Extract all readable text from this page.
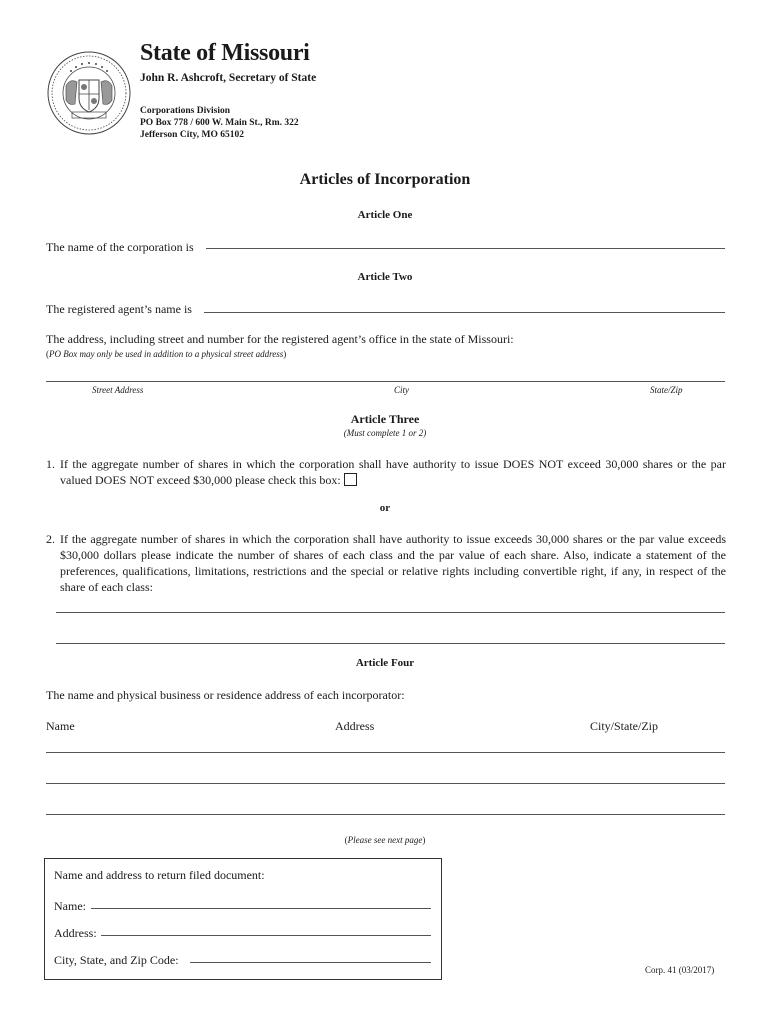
State of Missouri
John R. Ashcroft, Secretary of State
Corporations Division
PO Box 778 / 600 W. Main St., Rm. 322
Jefferson City, MO 65102
Articles of Incorporation
Article One
The name of the corporation is
Article Two
The registered agent’s name is
The address, including street and number for the registered agent’s office in the state of Missouri:
(PO Box may only be used in addition to a physical street address)
Street Address	City	State/Zip
Article Three
(Must complete 1 or 2)
1. If the aggregate number of shares in which the corporation shall have authority to issue DOES NOT exceed 30,000 shares or the par valued DOES NOT exceed $30,000 please check this box:
or
2. If the aggregate number of shares in which the corporation shall have authority to issue exceeds 30,000 shares or the par value exceeds $30,000 dollars please indicate the number of shares of each class and the par value of each share. Also, indicate a statement of the preferences, qualifications, limitations, restrictions and the special or relative rights including convertible right, if any, in respect of the share of each class:
Article Four
The name and physical business or residence address of each incorporator:
Name	Address	City/State/Zip
(Please see next page)
Name and address to return filed document:
Name:
Address:
City, State, and Zip Code:
Corp. 41 (03/2017)
